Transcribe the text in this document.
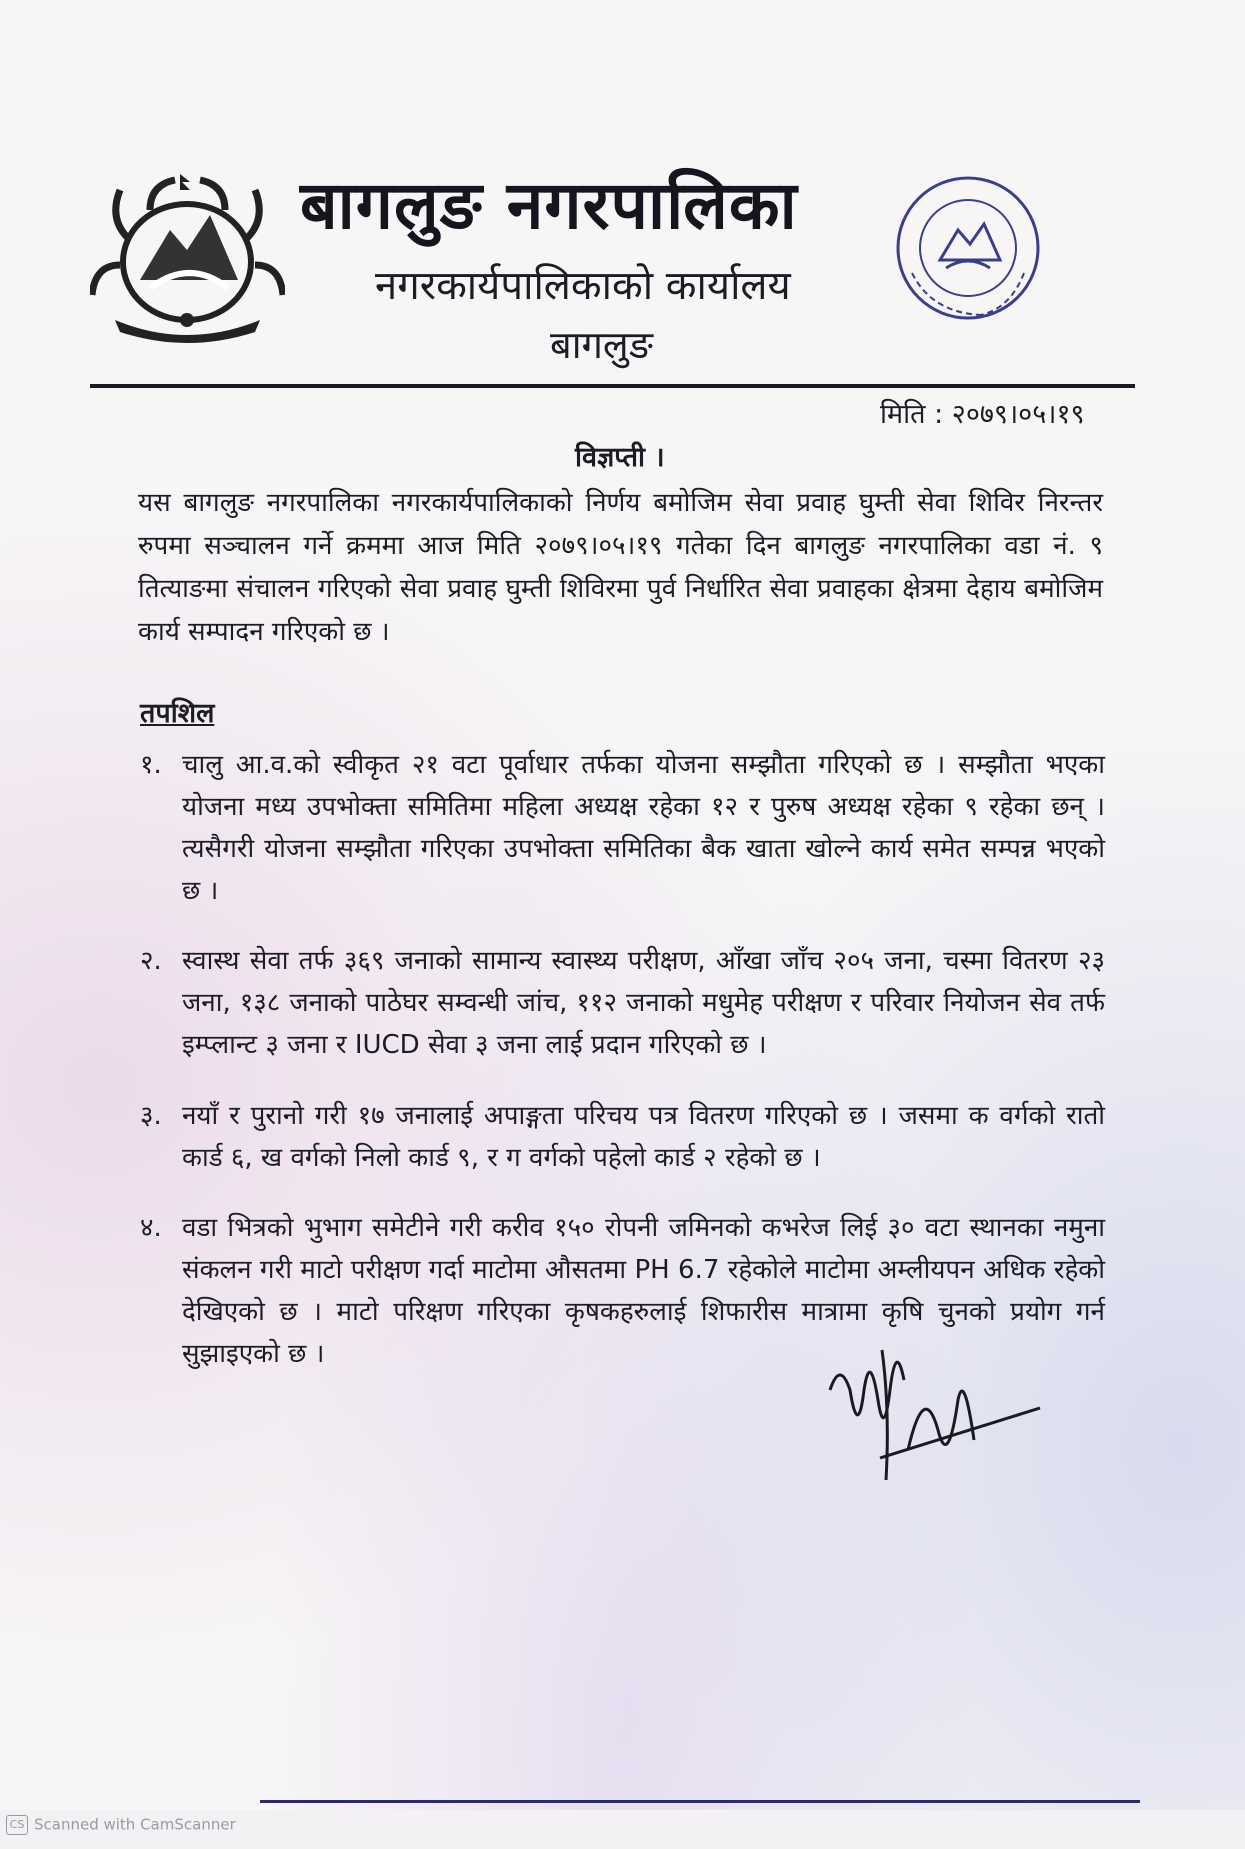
बागलुङ नगरपालिका
नगरकार्यपालिकाको कार्यालय
बागलुङ
मिति : २०७९।०५।१९
विज्ञप्ती ।
यस बागलुङ नगरपालिका नगरकार्यपालिकाको निर्णय बमोजिम सेवा प्रवाह घुम्ती सेवा शिविर निरन्तर रुपमा सञ्चालन गर्ने क्रममा आज मिति २०७९।०५।१९ गतेका दिन बागलुङ नगरपालिका वडा नं. ९ तित्याङमा संचालन गरिएको सेवा प्रवाह घुम्ती शिविरमा पुर्व निर्धारित सेवा प्रवाहका क्षेत्रमा देहाय बमोजिम कार्य सम्पादन गरिएको छ ।
तपशिल
१. चालु आ.व.को स्वीकृत २१ वटा पूर्वाधार तर्फका योजना सम्झौता गरिएको छ । सम्झौता भएका योजना मध्य उपभोक्ता समितिमा महिला अध्यक्ष रहेका १२ र पुरुष अध्यक्ष रहेका ९ रहेका छन् । त्यसैगरी योजना सम्झौता गरिएका उपभोक्ता समितिका बैक खाता खोल्ने कार्य समेत सम्पन्न भएको छ ।
२. स्वास्थ सेवा तर्फ ३६९ जनाको सामान्य स्वास्थ्य परीक्षण, आँखा जाँच २०५ जना, चस्मा वितरण २३ जना, १३८ जनाको पाठेघर सम्वन्धी जांच, ११२ जनाको मधुमेह परीक्षण र परिवार नियोजन सेव तर्फ इम्प्लान्ट ३ जना र IUCD सेवा ३ जना लाई प्रदान गरिएको छ ।
३. नयाँ र पुरानो गरी १७ जनालाई अपाङ्गता परिचय पत्र वितरण गरिएको छ । जसमा क वर्गको रातो कार्ड ६, ख वर्गको निलो कार्ड ९, र ग वर्गको पहेलो कार्ड २ रहेको छ ।
४. वडा भित्रको भुभाग समेटीने गरी करीव १५० रोपनी जमिनको कभरेज लिई ३० वटा स्थानका नमुना संकलन गरी माटो परीक्षण गर्दा माटोमा औसतमा PH 6.7 रहेकोले माटोमा अम्लीयपन अधिक रहेको देखिएको छ । माटो परिक्षण गरिएका कृषकहरुलाई शिफारीस मात्रामा कृषि चुनको प्रयोग गर्न सुझाइएको छ ।
CS Scanned with CamScanner
